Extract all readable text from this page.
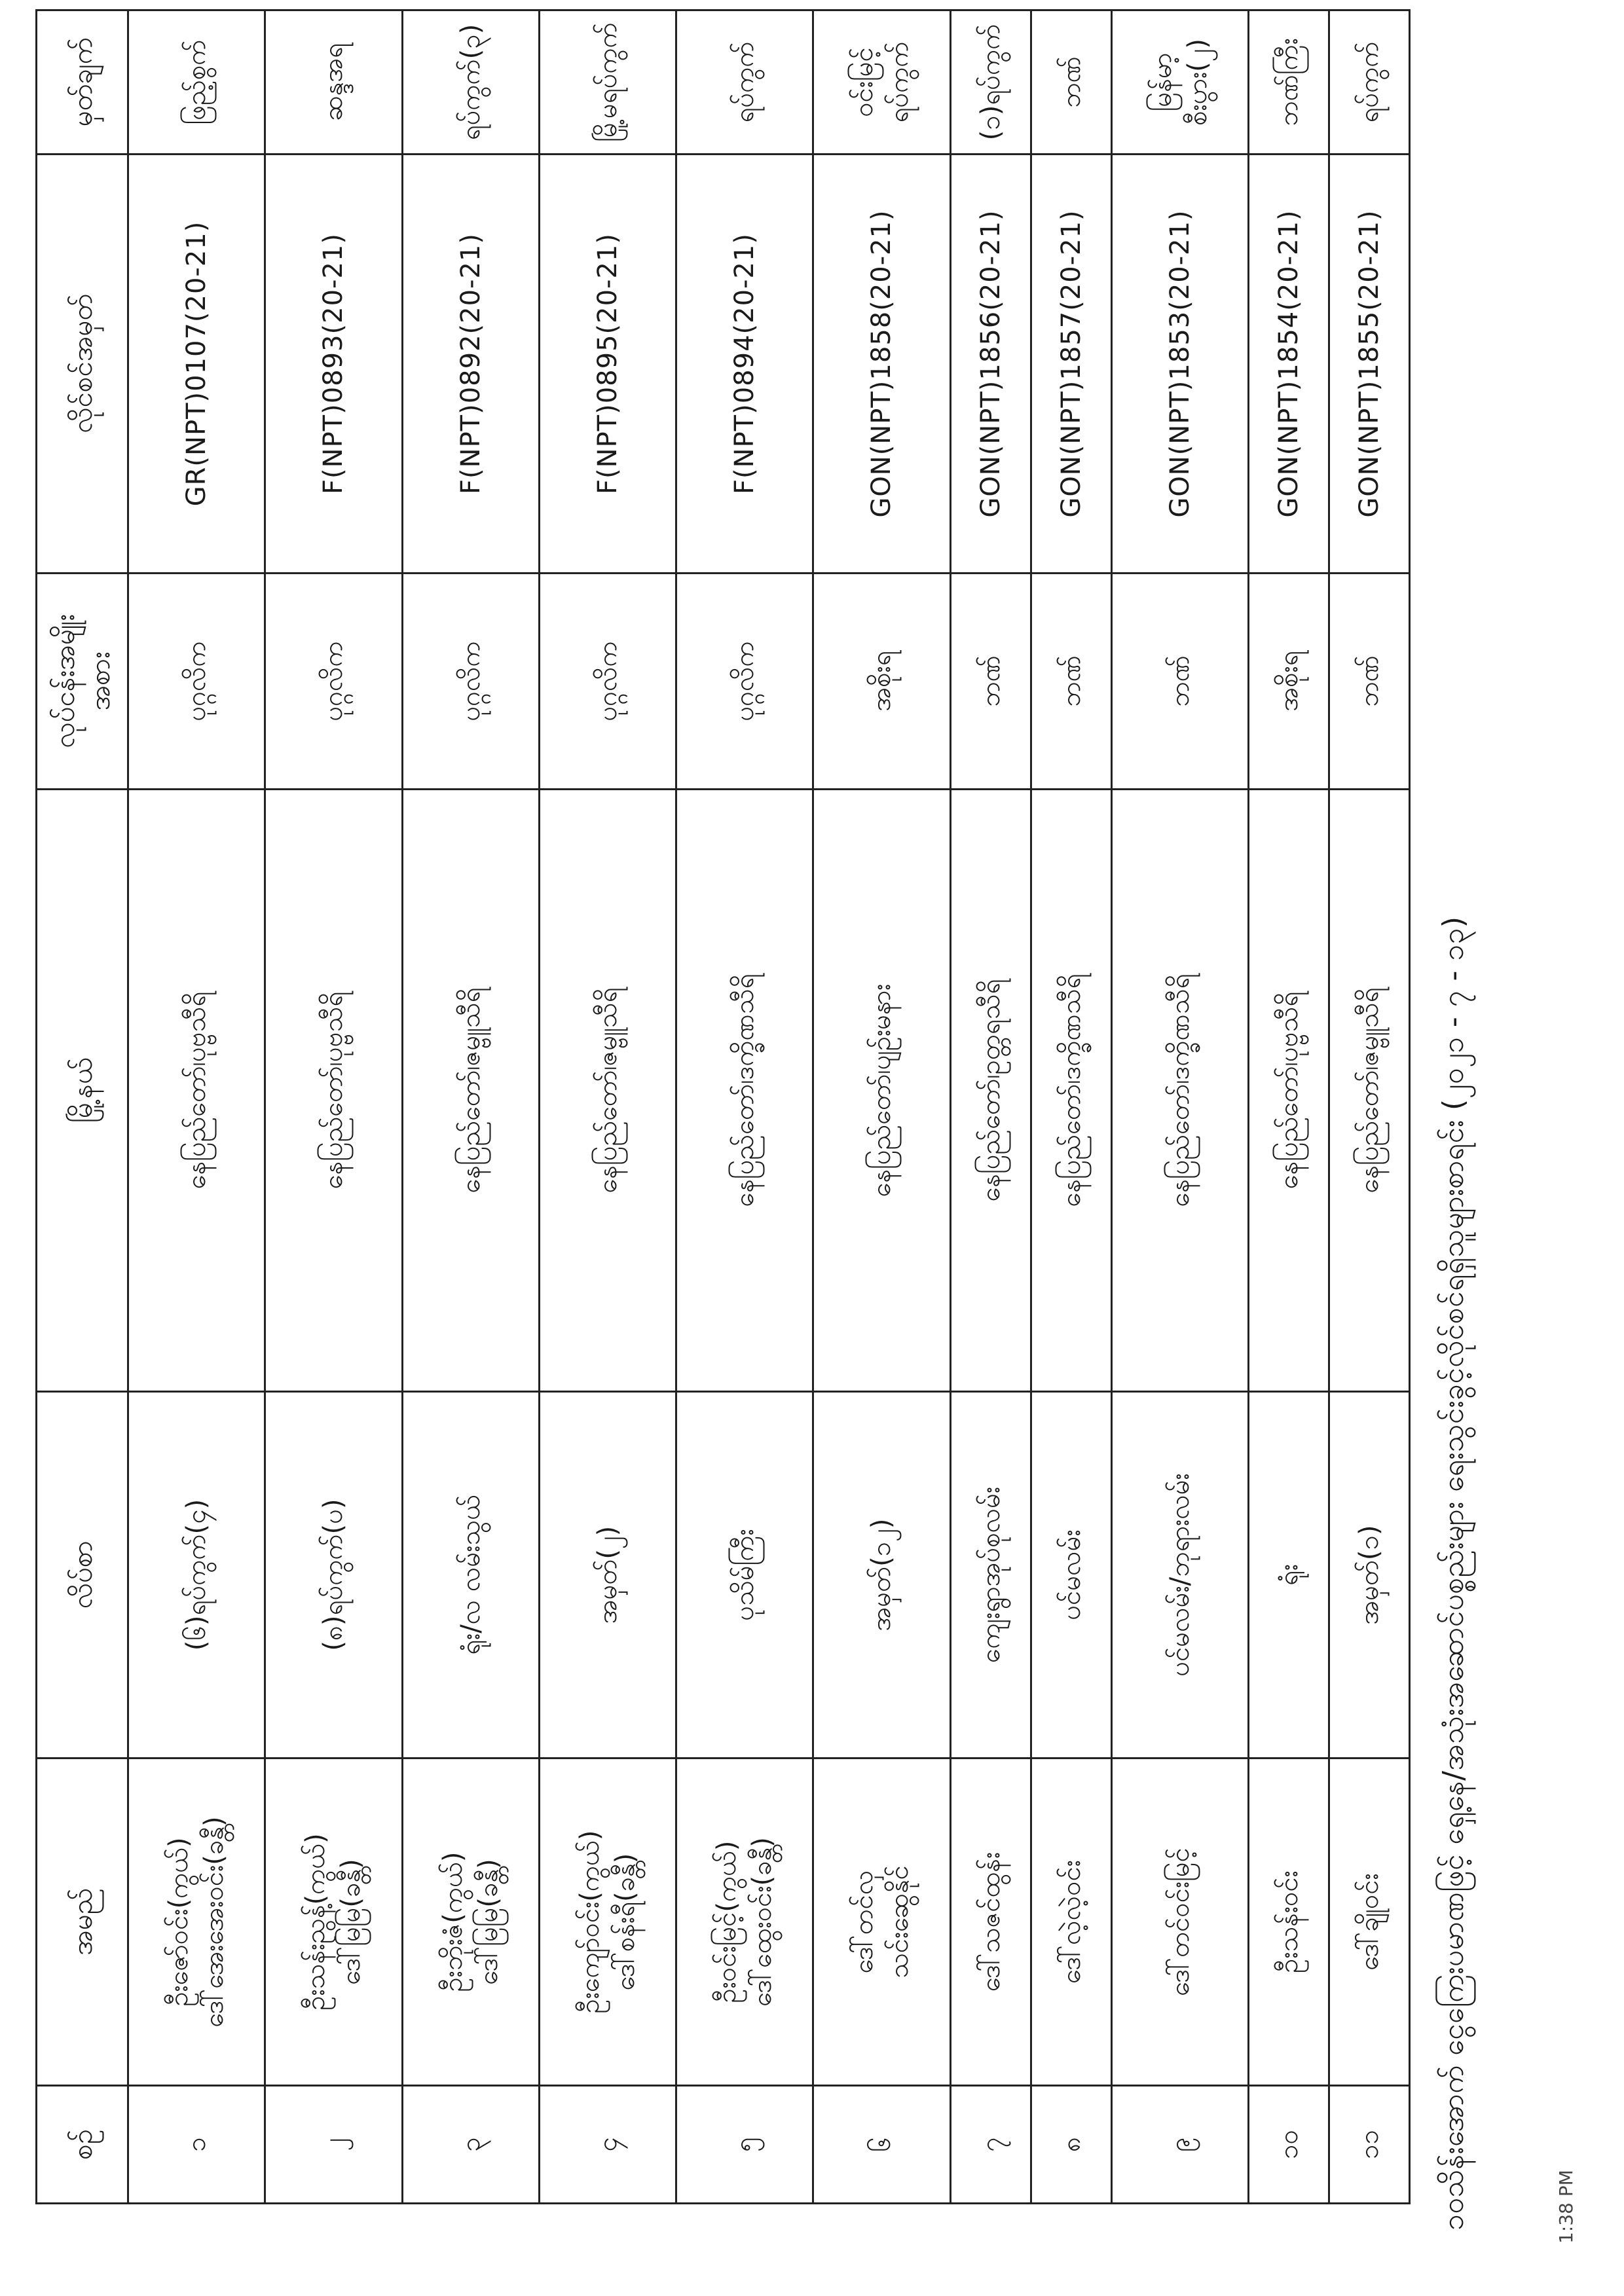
စဉ်	အမည်	လိပ်စာ	မြို့နယ်	လုပ်ငန်းအမျိုးအစား	လိုင်စင်အမှတ်	မှတ်ချက်
၁	ဦးဇော်ဝင်း(ကွယ်) ဒေါ်အေးအေးဝင်း(ခန္တီ)	(၆)ရပ်ကွက်(၄)	နေပြည်တော်၊ပုဗ္ဗသီရိ	ပုဂ္ဂလိက	GR(NPT)0107(20-21)	ဖြည့်စွက်
၂	ဦးသန်းညွန့်(ကွယ်) ဒေါ်မြမြ(ခန္တီ)	(၈)ရပ်ကွက်(ပ)	နေပြည်တော်၊ပုဗ္ဗသီရိ	ပုဂ္ဂလိက	F(NPT)0893(20-21)	ဆန္ဒအရ
၃	ဦးဘိုးဇံ(ကွယ်) ဒေါ်မြမြ(ခန္တီ)	ရုံး/လ လမ်းသွယ်	နေပြည်တော်၊ဇမ္ဗူသီရိ	ပုဂ္ဂလိက	F(NPT)0892(20-21)	ရပ်ကွက်(၃)
၄	ဦးကျော်ဝင်း(ကွယ်) ဒေါ်စန်းရီ(ခန္တီ)	အမှတ်(၂)	နေပြည်တော်၊ဇမ္ဗူသီရိ	ပုဂ္ဂလိက	F(NPT)0895(20-21)	မြို့မရပ်ကွက်
၅	ဦးဝင်းမြင့်(ကွယ်) ဒေါ်ထွေးဝင်း(ခန္တီ)	ပုသိမ်ကြီး	နေပြည်တော်၊ဒက္ခိဏသီရိ	ပုဂ္ဂလိက	F(NPT)0894(20-21)	ရပ်ကွက်
၆	ဒေါ်တင်လှ သင်းဆွေနိုင်	အမှတ်(၁၂)	နေပြည်တော်၊ပျဉ်းမနား	အစိုးရ	GON(NPT)1858(20-21)	ဝင်းမြင့် ရပ်ကွက်

၇	ဒေါ်သဇင်ထွန်း	ကျေးရွာအုပ်စုလမ်း	နေပြည်တော်၊ဥတ္တရသီရိ	ဘဏ်	GON(NPT)1856(20-21)	(၁)ရပ်ကွက်
၈	ဒေါ်လဲ့လဲ့ဝင်း	ပင်မလမ်း	နေပြည်တော်၊ဒက္ခိဏသီရိ	ဘဏ်	GON(NPT)1857(20-21)	ဘဏ်
၉	ဒေါ်တင်ဝင်းမြင့်	ပင်မလမ်း/ဘုရားလမ်း	နေပြည်တော်၊ဒက္ခိဏသီရိ	ဘဏ်	GON(NPT)1853(20-21)	မြန်မာ့စီးပွား(၂)
၁၀	ဦးသန်းဝင်း	ရုံး	နေပြည်တော်၊ပုဗ္ဗသီရိ	အစိုးရ	GON(NPT)1854(20-21)	ဘဏ်ကြီး
၁၁	ဒေါ်ချိုဝင်း	အမှတ်(၁)	နေပြည်တော်၊ဇမ္ဗူသီရိ	ဘဏ်	GON(NPT)1855(20-21)	ရပ်ကွက်
၁၀သိန်းအောက် ငွေကြေးပမာဏဖြင့် ရှေ့နေ/အသုံးအဆောင်ပစ္စည်းများ ရေးသွင်းခွင့်လိုင်စင်ရရှိသူများစာရင်း (၂၀၂၁ - ၇ - ၁၃)	1:38 PM
